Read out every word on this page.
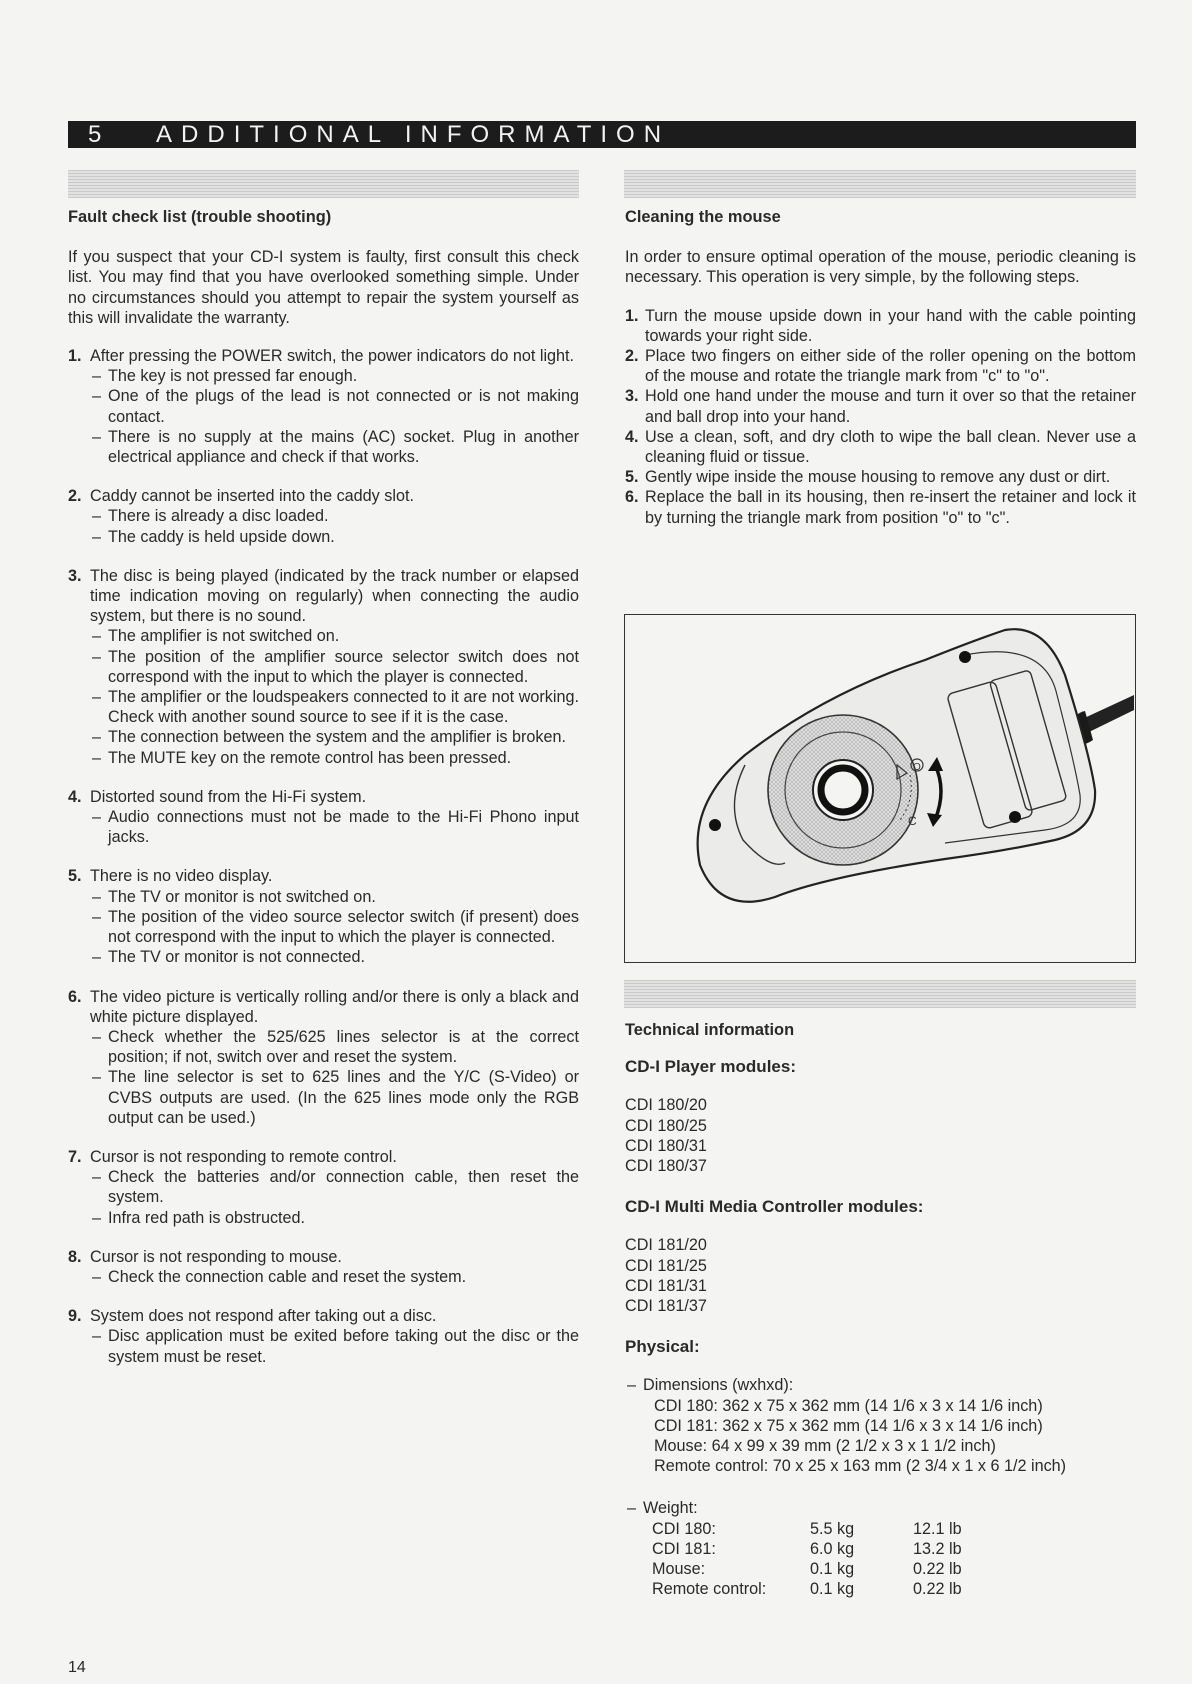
5 ADDITIONAL INFORMATION
Fault check list (trouble shooting)
If you suspect that your CD-I system is faulty, first consult this check list. You may find that you have overlooked something simple. Under no circumstances should you attempt to repair the system yourself as this will invalidate the warranty.
1. After pressing the POWER switch, the power indicators do not light.
– The key is not pressed far enough.
– One of the plugs of the lead is not connected or is not making contact.
– There is no supply at the mains (AC) socket. Plug in another electrical appliance and check if that works.
2. Caddy cannot be inserted into the caddy slot.
– There is already a disc loaded.
– The caddy is held upside down.
3. The disc is being played (indicated by the track number or elapsed time indication moving on regularly) when connecting the audio system, but there is no sound.
– The amplifier is not switched on.
– The position of the amplifier source selector switch does not correspond with the input to which the player is connected.
– The amplifier or the loudspeakers connected to it are not working. Check with another sound source to see if it is the case.
– The connection between the system and the amplifier is broken.
– The MUTE key on the remote control has been pressed.
4. Distorted sound from the Hi-Fi system.
– Audio connections must not be made to the Hi-Fi Phono input jacks.
5. There is no video display.
– The TV or monitor is not switched on.
– The position of the video source selector switch (if present) does not correspond with the input to which the player is connected.
– The TV or monitor is not connected.
6. The video picture is vertically rolling and/or there is only a black and white picture displayed.
– Check whether the 525/625 lines selector is at the correct position; if not, switch over and reset the system.
– The line selector is set to 625 lines and the Y/C (S-Video) or CVBS outputs are used. (In the 625 lines mode only the RGB output can be used.)
7. Cursor is not responding to remote control.
– Check the batteries and/or connection cable, then reset the system.
– Infra red path is obstructed.
8. Cursor is not responding to mouse.
– Check the connection cable and reset the system.
9. System does not respond after taking out a disc.
– Disc application must be exited before taking out the disc or the system must be reset.
Cleaning the mouse
In order to ensure optimal operation of the mouse, periodic cleaning is necessary. This operation is very simple, by the following steps.
1. Turn the mouse upside down in your hand with the cable pointing towards your right side.
2. Place two fingers on either side of the roller opening on the bottom of the mouse and rotate the triangle mark from "c" to "o".
3. Hold one hand under the mouse and turn it over so that the retainer and ball drop into your hand.
4. Use a clean, soft, and dry cloth to wipe the ball clean. Never use a cleaning fluid or tissue.
5. Gently wipe inside the mouse housing to remove any dust or dirt.
6. Replace the ball in its housing, then re-insert the retainer and lock it by turning the triangle mark from position "o" to "c".
O
C
Technical information
CD-I Player modules:
CDI 180/20
CDI 180/25
CDI 180/31
CDI 180/37
CD-I Multi Media Controller modules:
CDI 181/20
CDI 181/25
CDI 181/31
CDI 181/37
Physical:
– Dimensions (wxhxd):
CDI 180: 362 x 75 x 362 mm (14 1/6 x 3 x 14 1/6 inch)
CDI 181: 362 x 75 x 362 mm (14 1/6 x 3 x 14 1/6 inch)
Mouse: 64 x 99 x 39 mm (2 1/2 x 3 x 1 1/2 inch)
Remote control: 70 x 25 x 163 mm (2 3/4 x 1 x 6 1/2 inch)
– Weight:
CDI 180:	5.5 kg	12.1 lb
CDI 181:	6.0 kg	13.2 lb
Mouse:	0.1 kg	0.22 lb
Remote control:	0.1 kg	0.22 lb
14
